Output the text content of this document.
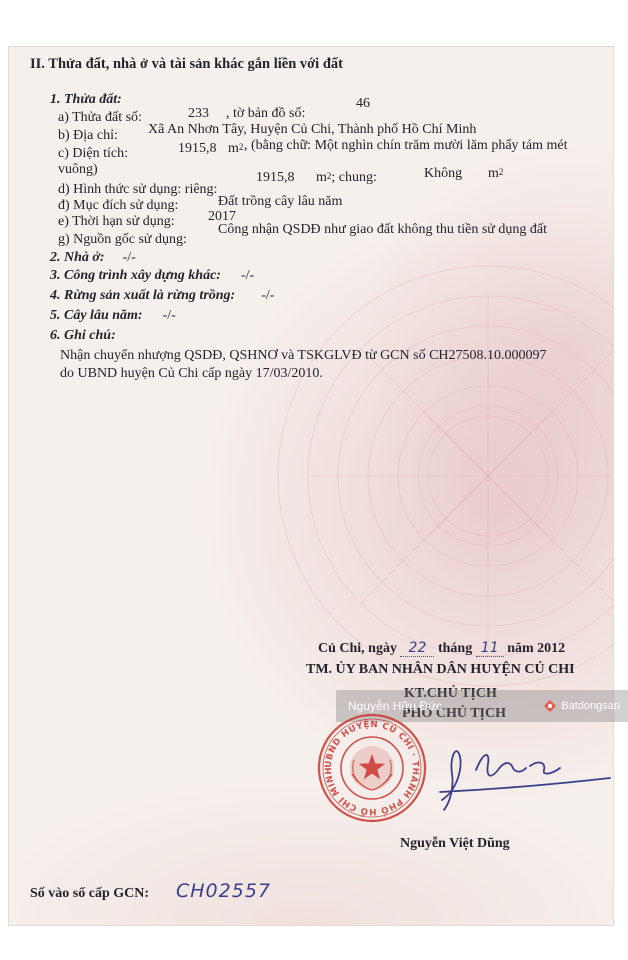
II. Thửa đất, nhà ở và tài sản khác gắn liền với đất
1. Thửa đất:
a) Thửa đất số:	233 , tờ bản đồ số:
46
b) Địa chỉ: Xã An Nhơn Tây, Huyện Củ Chi, Thành phố Hồ Chí Minh
c) Diện tích:	1915,8 $m^2$ , (bằng chữ: Một nghìn chín trăm mười lăm phẩy tám mét
vuông)
d) Hình thức sử dụng: riêng:
1915,8 $m^2$; chung:	Không $m^2$
đ) Mục đích sử dụng:	Đất trồng cây lâu năm
e) Thời hạn sử dụng: 2017
g) Nguồn gốc sử dụng:
Công nhận QSDĐ như giao đất không thu tiền sử dụng đất
2. Nhà ở: -/-
3. Công trình xây dựng khác: -/-
4. Rừng sản xuất là rừng trồng: -/-
5. Cây lâu năm: -/-
6. Ghi chú:
Nhận chuyển nhượng QSDĐ, QSHNƠ và TSKGLVĐ từ GCN số CH27508.10.000097
do UBND huyện Củ Chi cấp ngày 17/03/2010.
Củ Chi, ngày 22 tháng 11 năm 2012
TM. ỦY BAN NHÂN DÂN HUYỆN CỦ CHI
KT.CHỦ TỊCH
PHÓ CHỦ TỊCH
Nguyễn Hữu Đức	Batdongsan
UBND HUYỆN CỦ CHI · THÀNH PHỐ HỒ CHÍ MINH
Nguyễn Việt Dũng
Số vào sổ cấp GCN: CH02557
